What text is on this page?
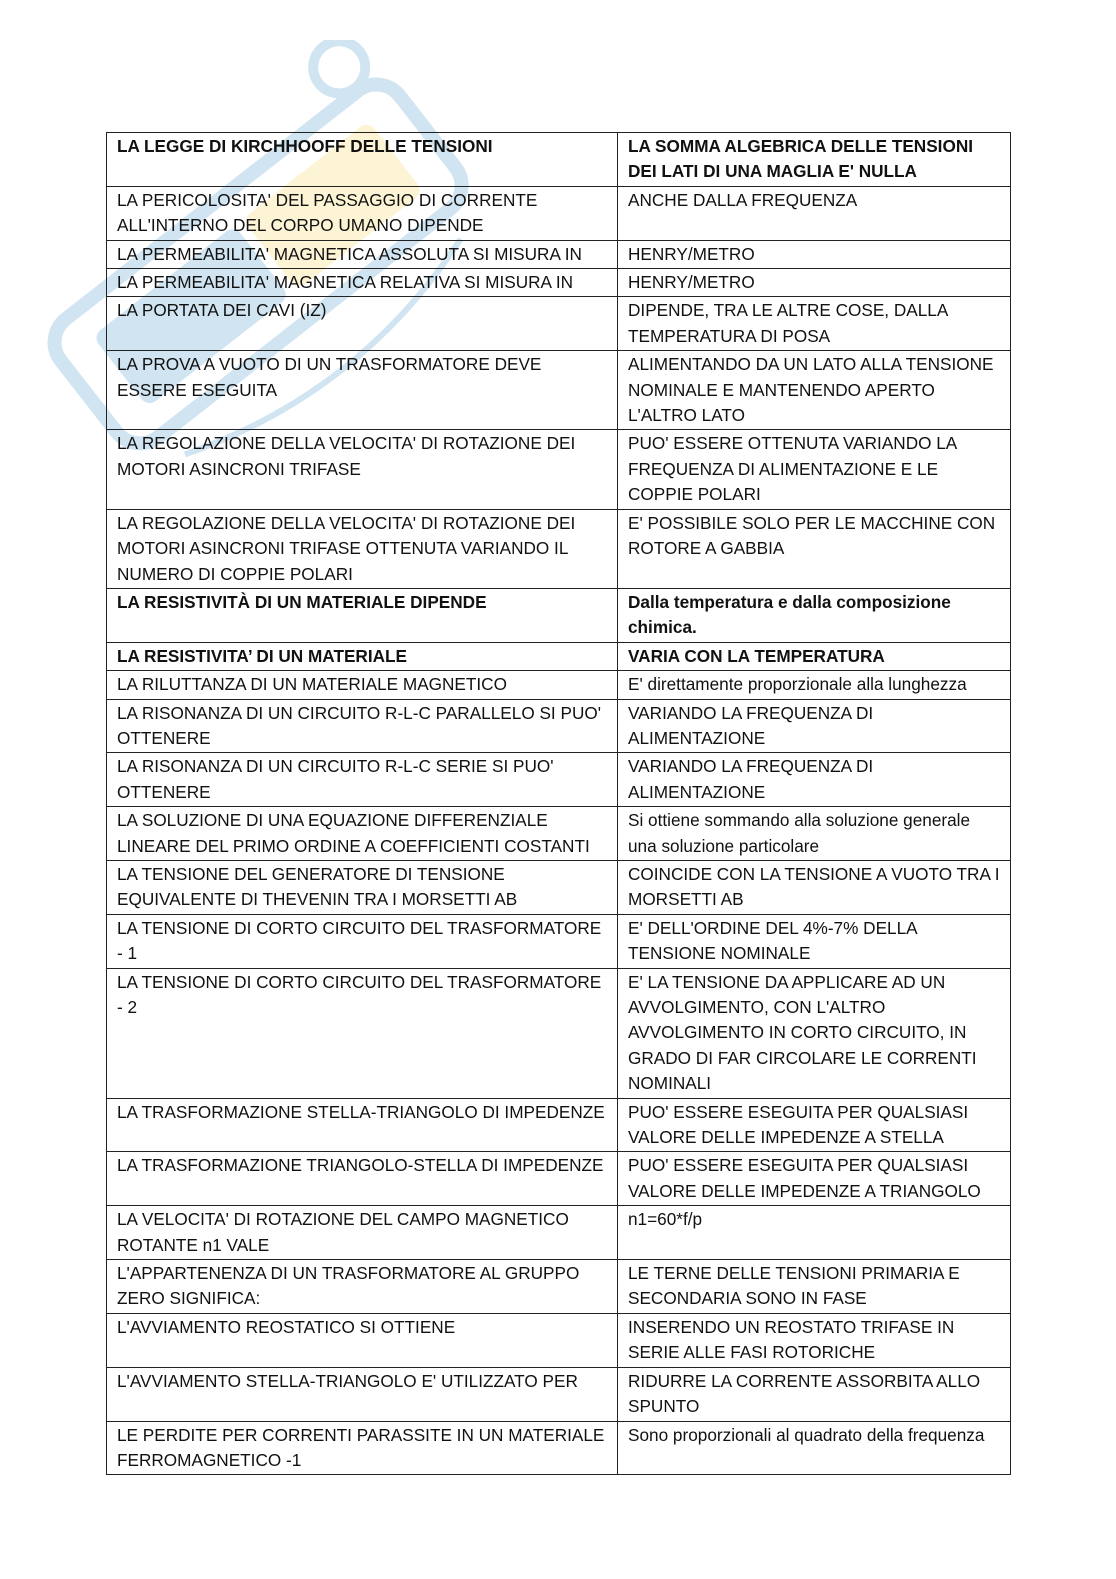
LA LEGGE DI KIRCHHOOFF DELLE TENSIONI	LA SOMMA ALGEBRICA DELLE TENSIONI DEI LATI DI UNA MAGLIA E' NULLA
LA PERICOLOSITA' DEL PASSAGGIO DI CORRENTE ALL'INTERNO DEL CORPO UMANO DIPENDE	ANCHE DALLA FREQUENZA
LA PERMEABILITA' MAGNETICA ASSOLUTA SI MISURA IN	HENRY/METRO
LA PERMEABILITA' MAGNETICA RELATIVA SI MISURA IN	HENRY/METRO
LA PORTATA DEI CAVI (IZ)	DIPENDE, TRA LE ALTRE COSE, DALLA TEMPERATURA DI POSA
LA PROVA A VUOTO DI UN TRASFORMATORE DEVE ESSERE ESEGUITA	ALIMENTANDO DA UN LATO ALLA TENSIONE NOMINALE E MANTENENDO APERTO L'ALTRO LATO
LA REGOLAZIONE DELLA VELOCITA' DI ROTAZIONE DEI MOTORI ASINCRONI TRIFASE	PUO' ESSERE OTTENUTA VARIANDO LA FREQUENZA DI ALIMENTAZIONE E LE COPPIE POLARI
LA REGOLAZIONE DELLA VELOCITA' DI ROTAZIONE DEI MOTORI ASINCRONI TRIFASE OTTENUTA VARIANDO IL NUMERO DI COPPIE POLARI	E' POSSIBILE SOLO PER LE MACCHINE CON ROTORE A GABBIA
LA RESISTIVITÀ DI UN MATERIALE DIPENDE	Dalla temperatura e dalla composizione chimica.
LA RESISTIVITA’ DI UN MATERIALE	VARIA CON LA TEMPERATURA
LA RILUTTANZA DI UN MATERIALE MAGNETICO	E' direttamente proporzionale alla lunghezza
LA RISONANZA DI UN CIRCUITO R-L-C PARALLELO SI PUO' OTTENERE	VARIANDO LA FREQUENZA DI ALIMENTAZIONE
LA RISONANZA DI UN CIRCUITO R-L-C SERIE SI PUO' OTTENERE	VARIANDO LA FREQUENZA DI ALIMENTAZIONE
LA SOLUZIONE DI UNA EQUAZIONE DIFFERENZIALE LINEARE DEL PRIMO ORDINE A COEFFICIENTI COSTANTI	Si ottiene sommando alla soluzione generale una soluzione particolare
LA TENSIONE DEL GENERATORE DI TENSIONE EQUIVALENTE DI THEVENIN TRA I MORSETTI AB	COINCIDE CON LA TENSIONE A VUOTO TRA I MORSETTI AB
LA TENSIONE DI CORTO CIRCUITO DEL TRASFORMATORE - 1	E' DELL'ORDINE DEL 4%-7% DELLA TENSIONE NOMINALE
LA TENSIONE DI CORTO CIRCUITO DEL TRASFORMATORE - 2	E' LA TENSIONE DA APPLICARE AD UN AVVOLGIMENTO, CON L'ALTRO AVVOLGIMENTO IN CORTO CIRCUITO, IN GRADO DI FAR CIRCOLARE LE CORRENTI NOMINALI
LA TRASFORMAZIONE STELLA-TRIANGOLO DI IMPEDENZE	PUO' ESSERE ESEGUITA PER QUALSIASI VALORE DELLE IMPEDENZE A STELLA
LA TRASFORMAZIONE TRIANGOLO-STELLA DI IMPEDENZE	PUO' ESSERE ESEGUITA PER QUALSIASI VALORE DELLE IMPEDENZE A TRIANGOLO
LA VELOCITA' DI ROTAZIONE DEL CAMPO MAGNETICO ROTANTE n1 VALE	n1=60*f/p
L'APPARTENENZA DI UN TRASFORMATORE AL GRUPPO ZERO SIGNIFICA:	LE TERNE DELLE TENSIONI PRIMARIA E SECONDARIA SONO IN FASE
L'AVVIAMENTO REOSTATICO SI OTTIENE	INSERENDO UN REOSTATO TRIFASE IN SERIE ALLE FASI ROTORICHE
L'AVVIAMENTO STELLA-TRIANGOLO E' UTILIZZATO PER	RIDURRE LA CORRENTE ASSORBITA ALLO SPUNTO
LE PERDITE PER CORRENTI PARASSITE IN UN MATERIALE FERROMAGNETICO -1	Sono proporzionali al quadrato della frequenza
